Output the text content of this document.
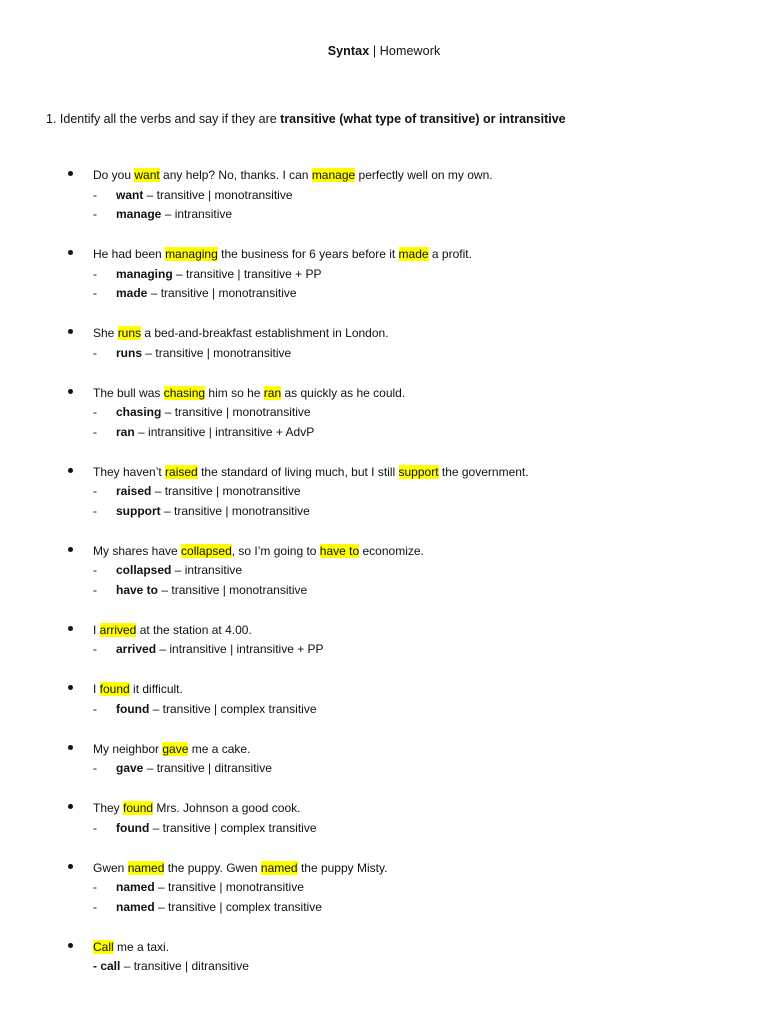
Syntax | Homework
1. Identify all the verbs and say if they are transitive (what type of transitive) or intransitive
Do you want any help? No, thanks. I can manage perfectly well on my own.
- want – transitive | monotransitive
- manage – intransitive
He had been managing the business for 6 years before it made a profit.
- managing – transitive | transitive + PP
- made – transitive | monotransitive
She runs a bed-and-breakfast establishment in London.
- runs – transitive | monotransitive
The bull was chasing him so he ran as quickly as he could.
- chasing – transitive | monotransitive
- ran – intransitive | intransitive + AdvP
They haven’t raised the standard of living much, but I still support the government.
- raised – transitive | monotransitive
- support – transitive | monotransitive
My shares have collapsed, so I’m going to have to economize.
- collapsed – intransitive
- have to – transitive | monotransitive
I arrived at the station at 4.00.
- arrived – intransitive | intransitive + PP
I found it difficult.
- found – transitive | complex transitive
My neighbor gave me a cake.
- gave – transitive | ditransitive
They found Mrs. Johnson a good cook.
- found – transitive | complex transitive
Gwen named the puppy. Gwen named the puppy Misty.
- named – transitive | monotransitive
- named – transitive | complex transitive
Call me a taxi.
- call – transitive | ditransitive
